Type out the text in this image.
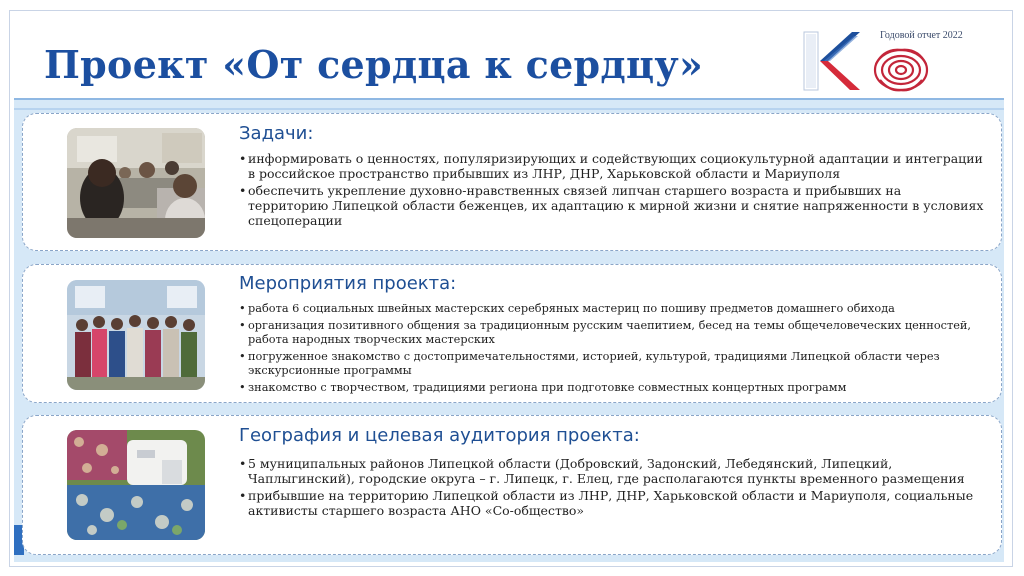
Проект «От сердца к сердцу»
Годовой отчет 2022
Задачи:
• информировать о ценностях, популяризирующих и содействующих социокультурной адаптации и интеграции в российское пространство прибывших из ЛНР, ДНР, Харьковской области и Мариуполя
• обеспечить укрепление духовно-нравственных связей липчан старшего возраста и прибывших на территорию Липецкой области беженцев, их адаптацию к мирной жизни и снятие напряженности в условиях спецоперации
Мероприятия проекта:
• работа 6 социальных швейных мастерских серебряных мастериц по пошиву предметов домашнего обихода
• организация позитивного общения за традиционным русским чаепитием, бесед на темы общечеловеческих ценностей, работа народных творческих мастерских
• погруженное знакомство с достопримечательностями, историей, культурой, традициями Липецкой области через экскурсионные программы
• знакомство с творчеством, традициями региона при подготовке совместных концертных программ
География и целевая аудитория проекта:
• 5 муниципальных районов Липецкой области (Добровский, Задонский, Лебедянский, Липецкий, Чаплыгинский), городские округа – г. Липецк, г. Елец, где располагаются пункты временного размещения
• прибывшие на территорию Липецкой области из ЛНР, ДНР, Харьковской области и Мариуполя, социальные активисты старшего возраста АНО «Со-общество»
